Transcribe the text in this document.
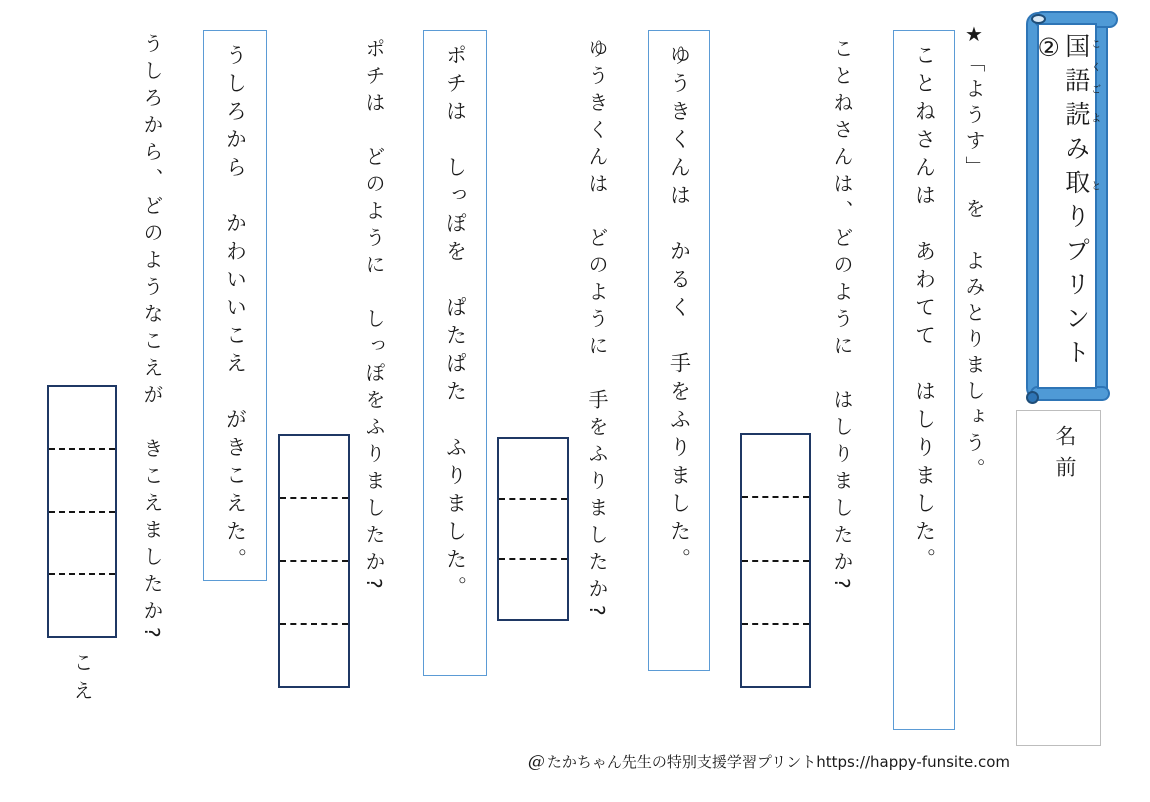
国語こくご読よみ取とりプリント②
名前
★「ようす」　を　よみとりましょう。
ことねさんは　あわてて　はしりました。
ことねさんは、どのように　はしりましたか?
ゆうきくんは　かるく　手をふりました。
ゆうきくんは　どのように　手をふりましたか?
ポチは　しっぽを　ぱたぱた　ふりました。
ポチは　どのように　しっぽをふりましたか?
うしろから　かわいいこえ　がきこえた。
うしろから、どのようなこえが　きこえましたか?
こえ
@ たかちゃん先生の特別支援学習プリントhttps://happy-funsite.com
